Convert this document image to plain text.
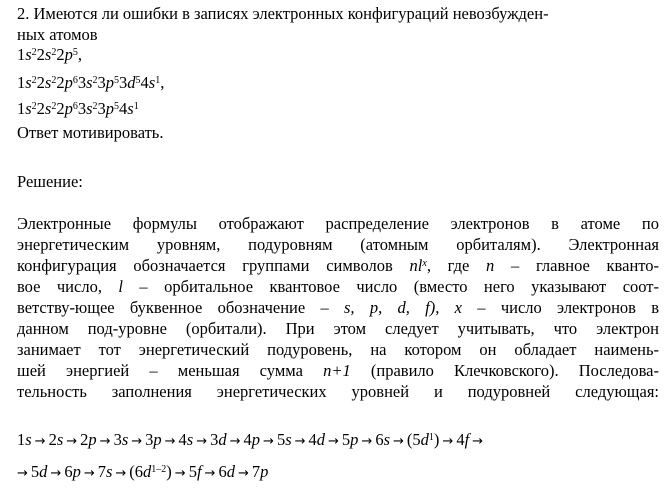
2. Имеются ли ошибки в записях электронных конфигураций невозбужден-
ных атомов
$1s^22s^22p^5$,
$1s^22s^22p^63s^23p^53d^54s^1$,
$1s^22s^22p^63s^23p^54s^1$
Ответ мотивировать.
Решение:
Электронные формулы отображают распределение электронов в атоме по
энергетическим уровням, подуровням (атомным орбиталям). Электронная
конфигурация обозначается группами символов $nl^x$, где n – главное кванто-
вое число, l – орбитальное квантовое число (вместо него указывают соот-
ветству-ющее буквенное обозначение – s, p, d, f), x – число электронов в
данном под-уровне (орбитали). При этом следует учитывать, что электрон
занимает тот энергетический подуровень, на котором он обладает наимень-
шей энергией – меньшая сумма n+1 (правило Клечковского). Последова-
тельность заполнения энергетических уровней и подуровней следующая:
$1s \to 2s \to 2p \to 3s \to 3p \to 4s \to 3d \to 4p \to 5s \to 4d \to 5p \to 6s \to (5d^1) \to 4f$ →
→ $5d \to 6p \to 7s \to (6d^{1-2}) \to 5f \to 6d \to 7p$
